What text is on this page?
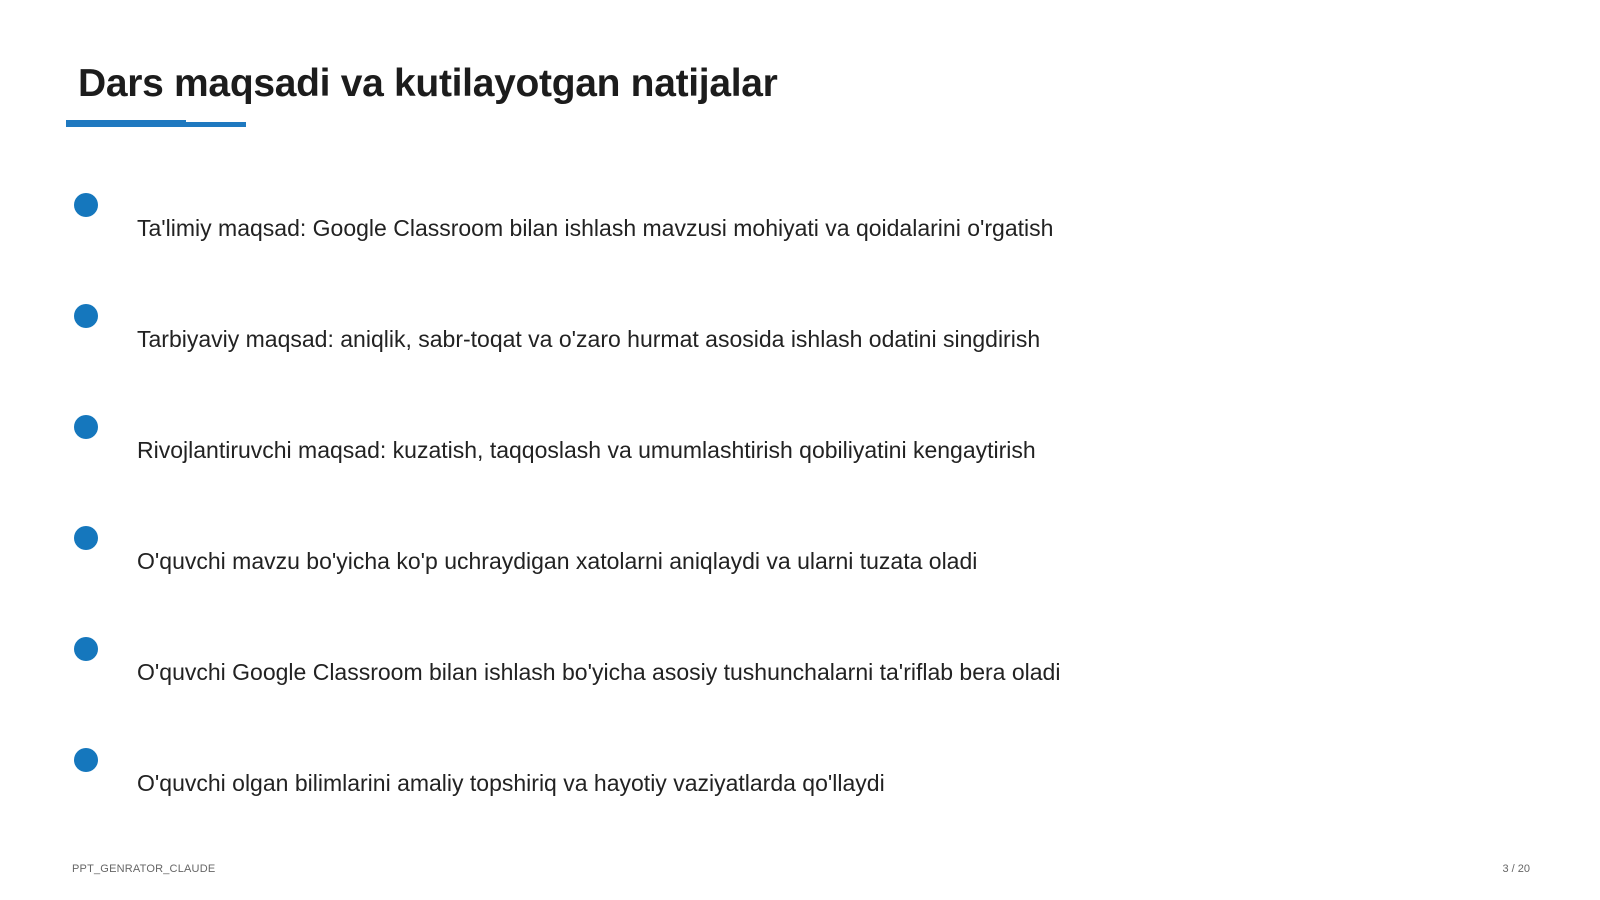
Dars maqsadi va kutilayotgan natijalar
Ta'limiy maqsad: Google Classroom bilan ishlash mavzusi mohiyati va qoidalarini o'rgatish
Tarbiyaviy maqsad: aniqlik, sabr-toqat va o'zaro hurmat asosida ishlash odatini singdirish
Rivojlantiruvchi maqsad: kuzatish, taqqoslash va umumlashtirish qobiliyatini kengaytirish
O'quvchi mavzu bo'yicha ko'p uchraydigan xatolarni aniqlaydi va ularni tuzata oladi
O'quvchi Google Classroom bilan ishlash bo'yicha asosiy tushunchalarni ta'riflab bera oladi
O'quvchi olgan bilimlarini amaliy topshiriq va hayotiy vaziyatlarda qo'llaydi
PPT_GENRATOR_CLAUDE	3 / 20
